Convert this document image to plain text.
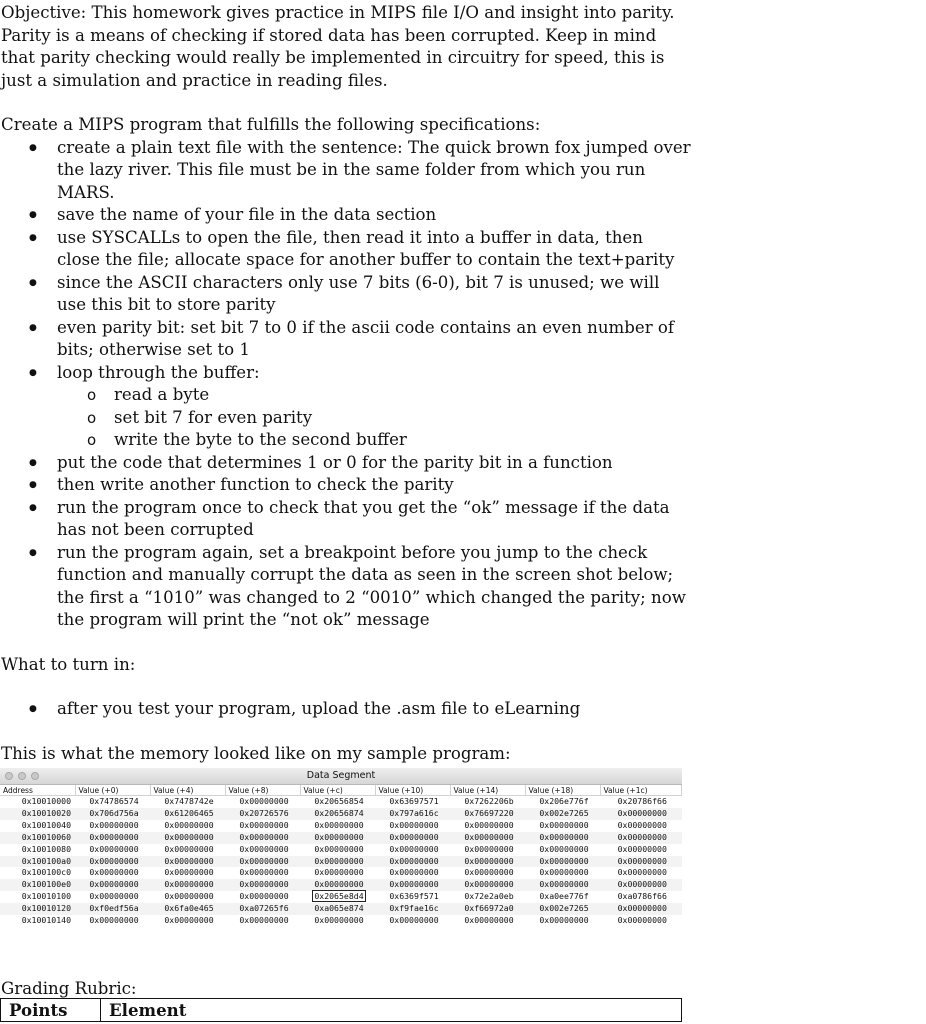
Objective: This homework gives practice in MIPS file I/O and insight into parity. Parity is a means of checking if stored data has been corrupted. Keep in mind that parity checking would really be implemented in circuitry for speed, this is just a simulation and practice in reading files.

Create a MIPS program that fulfills the following specifications:

● create a plain text file with the sentence: The quick brown fox jumped over the lazy river. This file must be in the same folder from which you run MARS.
● save the name of your file in the data section
● use SYSCALLs to open the file, then read it into a buffer in data, then close the file; allocate space for another buffer to contain the text+parity
● since the ASCII characters only use 7 bits (6-0), bit 7 is unused; we will use this bit to store parity
● even parity bit: set bit 7 to 0 if the ascii code contains an even number of bits; otherwise set to 1
● loop through the buffer:
o read a byte
o set bit 7 for even parity
o write the byte to the second buffer
● put the code that determines 1 or 0 for the parity bit in a function
● then write another function to check the parity
● run the program once to check that you get the “ok” message if the data has not been corrupted
● run the program again, set a breakpoint before you jump to the check function and manually corrupt the data as seen in the screen shot below; the first a “1010” was changed to 2 “0010” which changed the parity; now the program will print the “not ok” message

What to turn in:

● after you test your program, upload the .asm file to eLearning

This is what the memory looked like on my sample program:

Data Segment
Address	Value (+0)	Value (+4)	Value (+8)	Value (+c)	Value (+10)	Value (+14)	Value (+18)	Value (+1c)
0x10010000	0x74786574	0x7478742e	0x00000000	0x20656854	0x63697571	0x7262206b	0x206e776f	0x20786f66
0x10010020	0x706d756a	0x61206465	0x20726576	0x20656874	0x797a616c	0x76697220	0x002e7265	0x00000000
0x10010040	0x00000000	0x00000000	0x00000000	0x00000000	0x00000000	0x00000000	0x00000000	0x00000000
0x10010060	0x00000000	0x00000000	0x00000000	0x00000000	0x00000000	0x00000000	0x00000000	0x00000000
0x10010080	0x00000000	0x00000000	0x00000000	0x00000000	0x00000000	0x00000000	0x00000000	0x00000000
0x100100a0	0x00000000	0x00000000	0x00000000	0x00000000	0x00000000	0x00000000	0x00000000	0x00000000
0x100100c0	0x00000000	0x00000000	0x00000000	0x00000000	0x00000000	0x00000000	0x00000000	0x00000000
0x100100e0	0x00000000	0x00000000	0x00000000	0x00000000	0x00000000	0x00000000	0x00000000	0x00000000
0x10010100	0x00000000	0x00000000	0x00000000	0x2065e8d4	0x6369f571	0x72e2a0eb	0xa0ee776f	0xa0786f66
0x10010120	0xf0edf56a	0x6fa0e465	0xa07265f6	0xa065e874	0xf9fae16c	0xf66972a0	0x002e7265	0x00000000
0x10010140	0x00000000	0x00000000	0x00000000	0x00000000	0x00000000	0x00000000	0x00000000	0x00000000
Grading Rubric:
Points	Element
